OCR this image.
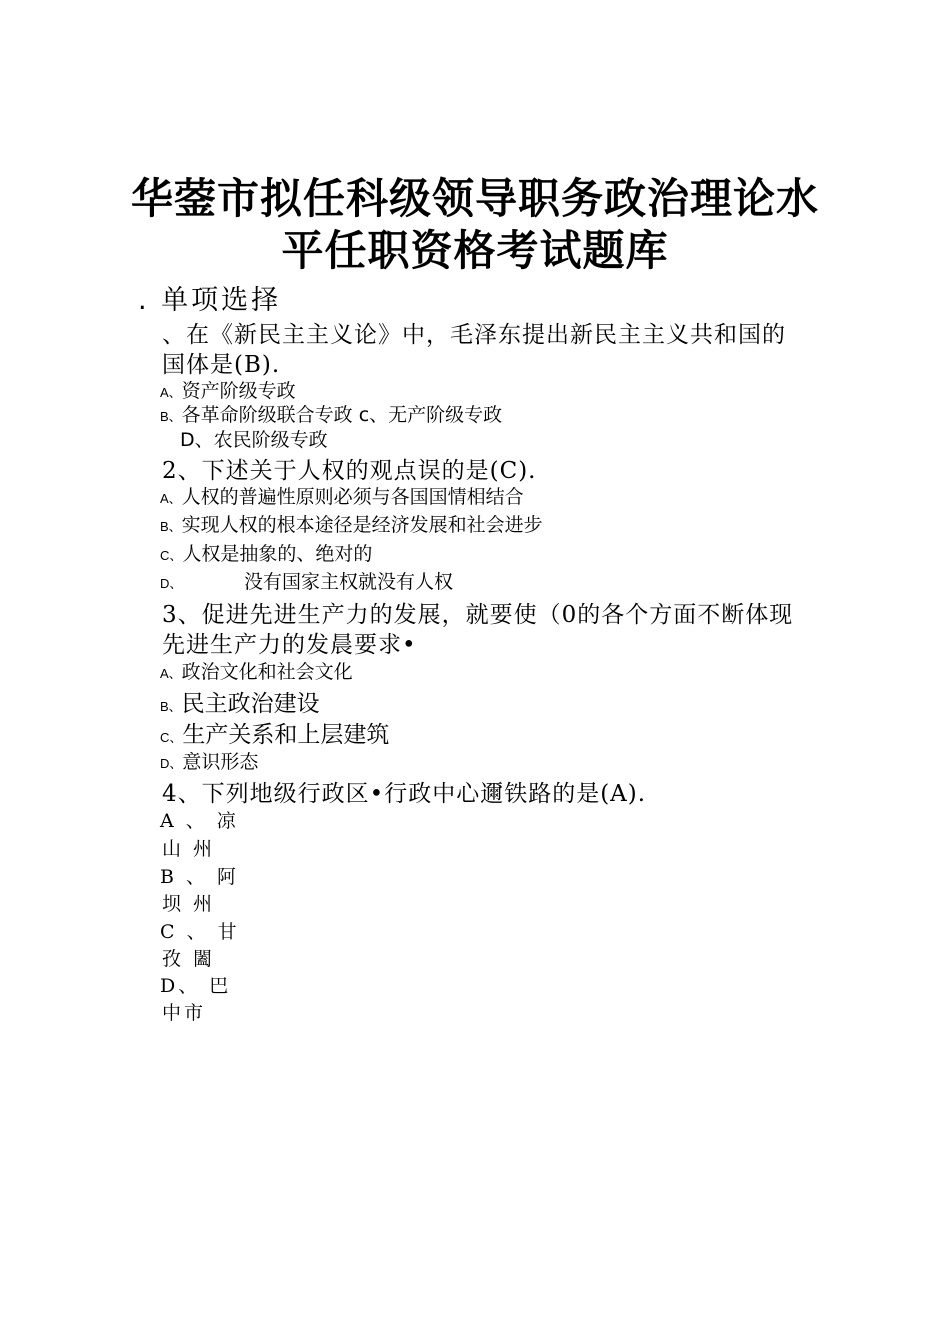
华蓥市拟任科级领导职务政治理论水
平任职资格考试题库
. 单项选择
、在《新民主主义论》中，毛泽东提出新民主主义共和国的
国体是(B).
A、资产阶级专政
B、各革命阶级联合专政 c、无产阶级专政
D、农民阶级专政
2、下述关于人权的观点误的是(C).
A、人权的普遍性原则必须与各国国情相结合
B、实现人权的根本途径是经济发展和社会进步
C、人权是抽象的、绝对的
D、	没有国家主权就没有人权
3、促进先进生产力的发展，就要使（0的各个方面不断体现
先进生产力的发晨要求•
A、政治文化和社会文化
B、民主政治建设
C、生产关系和上层建筑
D、意识形态
4、下列地级行政区•行政中心邇铁路的是(A).
A 、 凉
山 州
B 、 阿
坝 州
C 、 甘
孜 闔
D、 巴
中市
